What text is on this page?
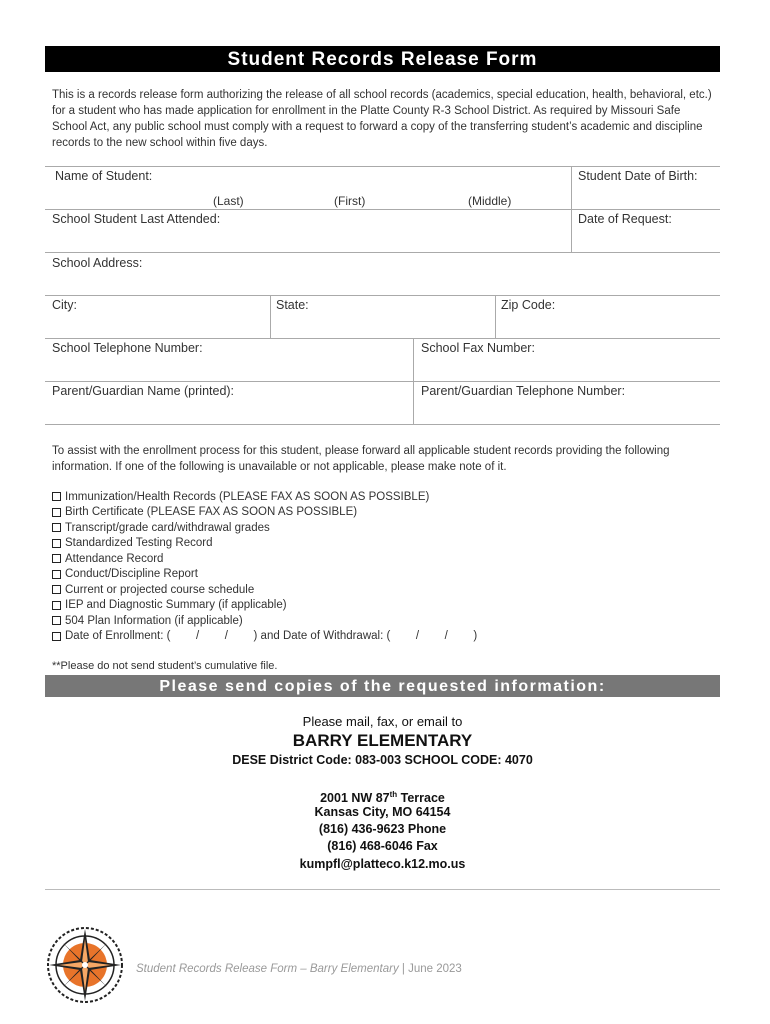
Student Records Release Form
This is a records release form authorizing the release of all school records (academics, special education, health, behavioral, etc.) for a student who has made application for enrollment in the Platte County R-3 School District. As required by Missouri Safe School Act, any public school must comply with a request to forward a copy of the transferring student’s academic and discipline records to the new school within five days.
Name of Student:
(Last)	(First)	(Middle)
Student Date of Birth:
School Student Last Attended:	Date of Request:
School Address:
City:	State:	Zip Code:
School Telephone Number:	School Fax Number:
Parent/Guardian Name (printed):	Parent/Guardian Telephone Number:
To assist with the enrollment process for this student, please forward all applicable student records providing the following information. If one of the following is unavailable or not applicable, please make note of it.
Immunization/Health Records (PLEASE FAX AS SOON AS POSSIBLE)
Birth Certificate (PLEASE FAX AS SOON AS POSSIBLE)
Transcript/grade card/withdrawal grades
Standardized Testing Record
Attendance Record
Conduct/Discipline Report
Current or projected course schedule
IEP and Diagnostic Summary (if applicable)
504 Plan Information (if applicable)
Date of Enrollment: (        /        /        ) and Date of Withdrawal: (        /        /        )
**Please do not send student’s cumulative file.
Please send copies of the requested information:
Please mail, fax, or email to
BARRY ELEMENTARY
DESE District Code: 083-003 SCHOOL CODE: 4070
2001 NW 87th Terrace
Kansas City, MO 64154
(816) 436-9623 Phone
(816) 468-6046 Fax
kumpfl@platteco.k12.mo.us
Student Records Release Form – Barry Elementary | June 2023
